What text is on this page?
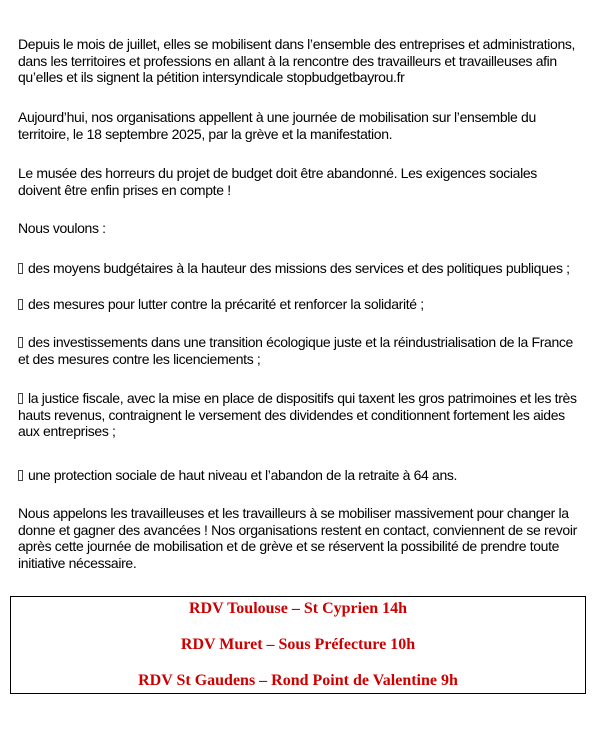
Depuis le mois de juillet, elles se mobilisent dans l’ensemble des entreprises et administrations, dans les territoires et professions en allant à la rencontre des travailleurs et travailleuses afin qu’elles et ils signent la pétition intersyndicale stopbudgetbayrou.fr

Aujourd’hui, nos organisations appellent à une journée de mobilisation sur l’ensemble du territoire, le 18 septembre 2025, par la grève et la manifestation.

Le musée des horreurs du projet de budget doit être abandonné. Les exigences sociales doivent être enfin prises en compte !

Nous voulons :

des moyens budgétaires à la hauteur des missions des services et des politiques publiques ;

des mesures pour lutter contre la précarité et renforcer la solidarité ;

des investissements dans une transition écologique juste et la réindustrialisation de la France et des mesures contre les licenciements ;

la justice fiscale, avec la mise en place de dispositifs qui taxent les gros patrimoines et les très hauts revenus, contraignent le versement des dividendes et conditionnent fortement les aides aux entreprises ;

une protection sociale de haut niveau et l’abandon de la retraite à 64 ans.

Nous appelons les travailleuses et les travailleurs à se mobiliser massivement pour changer la donne et gagner des avancées ! Nos organisations restent en contact, conviennent de se revoir après cette journée de mobilisation et de grève et se réservent la possibilité de prendre toute initiative nécessaire.

RDV Toulouse – St Cyprien 14h
RDV Muret – Sous Préfecture 10h
RDV St Gaudens – Rond Point de Valentine 9h
